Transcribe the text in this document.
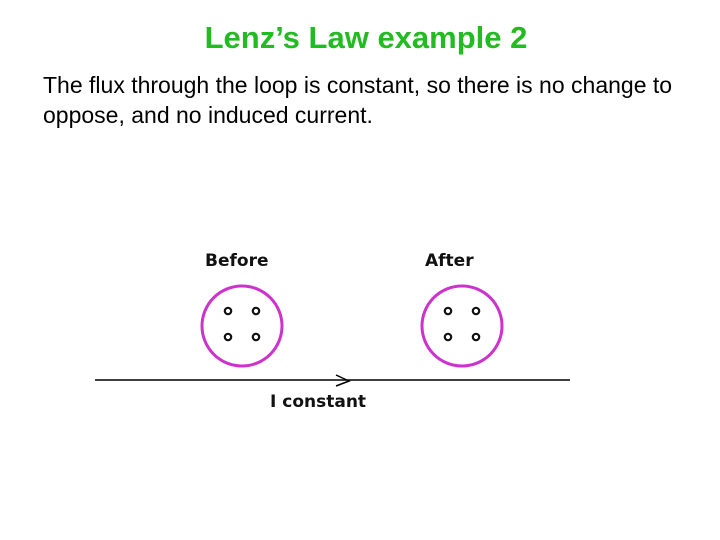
Lenz’s Law example 2
The flux through the loop is constant, so there is no change to oppose, and no induced current.
Before	After
I constant
